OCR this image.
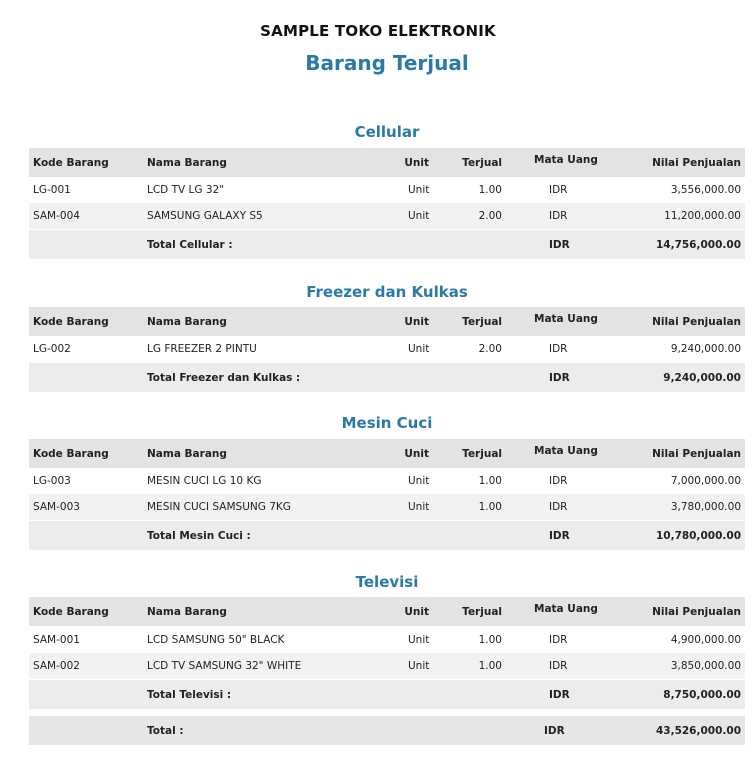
SAMPLE TOKO ELEKTRONIK
Barang Terjual
Cellular
Kode Barang	Nama Barang	Unit	Terjual	Mata Uang	Nilai Penjualan
LG-001	LCD TV LG 32"	Unit	1.00	IDR	3,556,000.00
SAM-004	SAMSUNG GALAXY S5	Unit	2.00	IDR	11,200,000.00
Total Cellular :	IDR	14,756,000.00
Freezer dan Kulkas
Kode Barang	Nama Barang	Unit	Terjual	Mata Uang	Nilai Penjualan
LG-002	LG FREEZER 2 PINTU	Unit	2.00	IDR	9,240,000.00
Total Freezer dan Kulkas :	IDR	9,240,000.00
Mesin Cuci
Kode Barang	Nama Barang	Unit	Terjual	Mata Uang	Nilai Penjualan
LG-003	MESIN CUCI LG 10 KG	Unit	1.00	IDR	7,000,000.00
SAM-003	MESIN CUCI SAMSUNG 7KG	Unit	1.00	IDR	3,780,000.00
Total Mesin Cuci :	IDR	10,780,000.00
Televisi
Kode Barang	Nama Barang	Unit	Terjual	Mata Uang	Nilai Penjualan
SAM-001	LCD SAMSUNG 50" BLACK	Unit	1.00	IDR	4,900,000.00
SAM-002	LCD TV SAMSUNG 32" WHITE	Unit	1.00	IDR	3,850,000.00
Total Televisi :	IDR	8,750,000.00
Total :	IDR	43,526,000.00
